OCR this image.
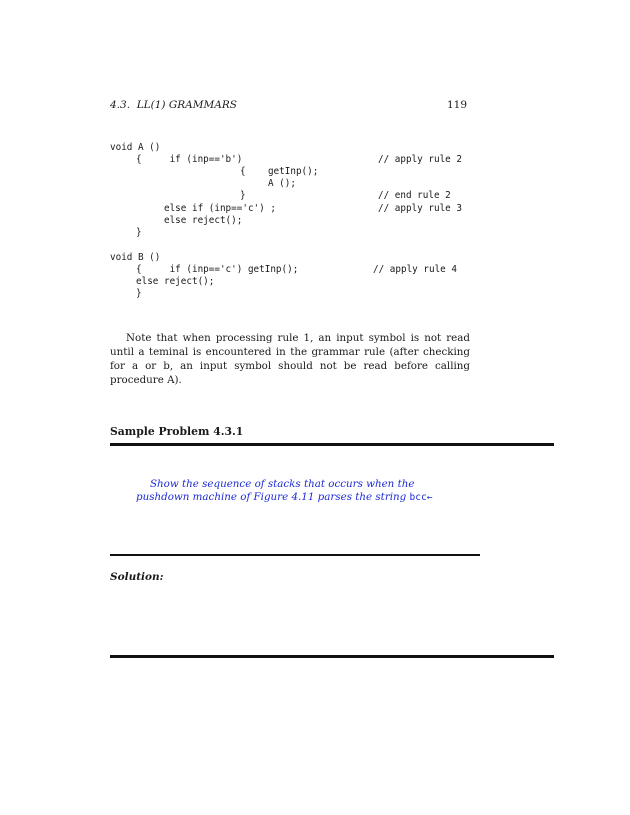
4.3.  LL(1) GRAMMARS	119
void A ()
{     if (inp=='b')
{    getInp();
A ();
}
else if (inp=='c') ;
else reject();
}
// apply rule 2
// end rule 2
// apply rule 3
void B ()
{     if (inp=='c') getInp();
else reject();
}
// apply rule 4
Note that when processing rule 1, an input symbol is not read until a teminal is encountered in the grammar rule (after checking for a or b, an input symbol should not be read before calling procedure A).
Sample Problem 4.3.1
Show the sequence of stacks that occurs when the pushdown machine of Figure 4.11 parses the string bcc←
Solution:
